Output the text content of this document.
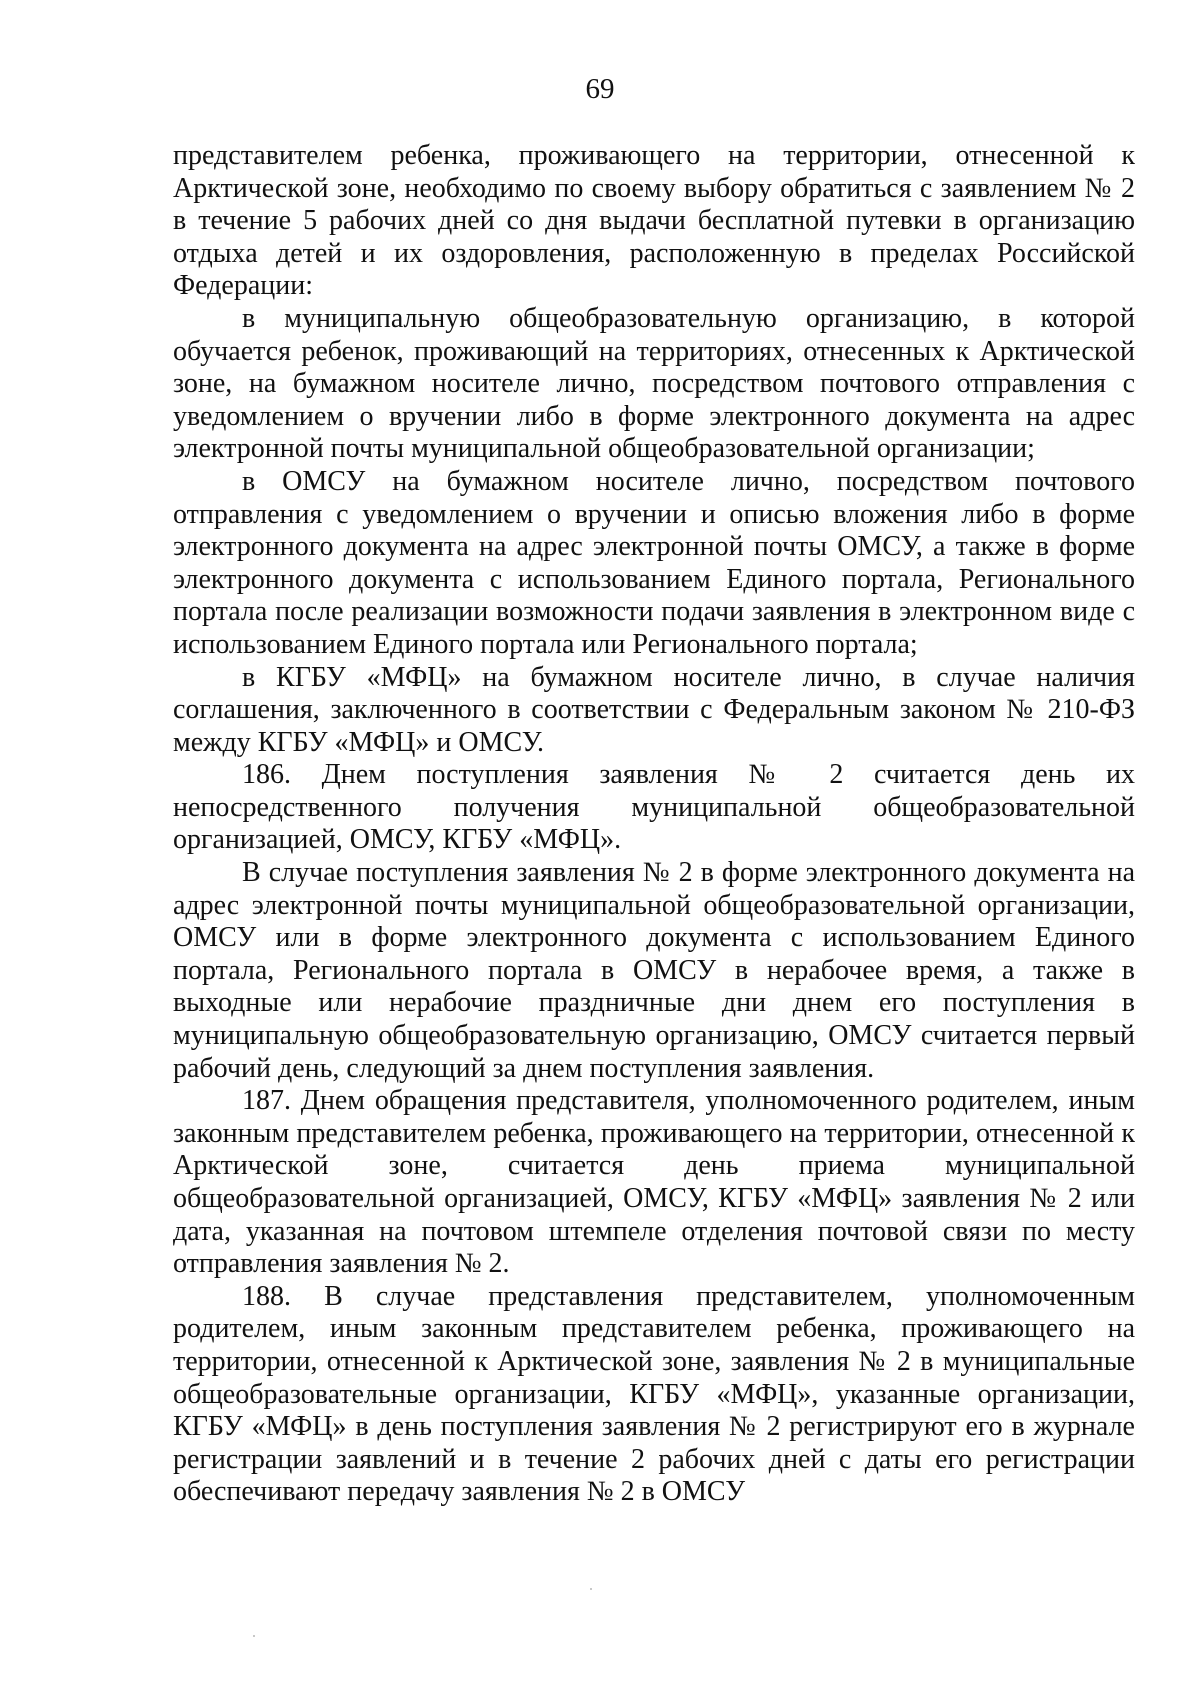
69

представителем ребенка, проживающего на территории, отнесенной к Арктической зоне, необходимо по своему выбору обратиться с заявлением № 2 в течение 5 рабочих дней со дня выдачи бесплатной путевки в организацию отдыха детей и их оздоровления, расположенную в пределах Российской Федерации:

в муниципальную общеобразовательную организацию, в которой обучается ребенок, проживающий на территориях, отнесенных к Арктической зоне, на бумажном носителе лично, посредством почтового отправления с уведомлением о вручении либо в форме электронного документа на адрес электронной почты муниципальной общеобразовательной организации;

в ОМСУ на бумажном носителе лично, посредством почтового отправления с уведомлением о вручении и описью вложения либо в форме электронного документа на адрес электронной почты ОМСУ, а также в форме электронного документа с использованием Единого портала, Регионального портала после реализации возможности подачи заявления в электронном виде с использованием Единого портала или Регионального портала;

в КГБУ «МФЦ» на бумажном носителе лично, в случае наличия соглашения, заключенного в соответствии с Федеральным законом № 210-ФЗ между КГБУ «МФЦ» и ОМСУ.

186. Днем поступления заявления № 2 считается день их непосредственного получения муниципальной общеобразовательной организацией, ОМСУ, КГБУ «МФЦ».

В случае поступления заявления № 2 в форме электронного документа на адрес электронной почты муниципальной общеобразовательной организации, ОМСУ или в форме электронного документа с использованием Единого портала, Регионального портала в ОМСУ в нерабочее время, а также в выходные или нерабочие праздничные дни днем его поступления в муниципальную общеобразовательную организацию, ОМСУ считается первый рабочий день, следующий за днем поступления заявления.

187. Днем обращения представителя, уполномоченного родителем, иным законным представителем ребенка, проживающего на территории, отнесенной к Арктической зоне, считается день приема муниципальной общеобразовательной организацией, ОМСУ, КГБУ «МФЦ» заявления № 2 или дата, указанная на почтовом штемпеле отделения почтовой связи по месту отправления заявления № 2.

188. В случае представления представителем, уполномоченным родителем, иным законным представителем ребенка, проживающего на территории, отнесенной к Арктической зоне, заявления № 2 в муниципальные общеобразовательные организации, КГБУ «МФЦ», указанные организации, КГБУ «МФЦ» в день поступления заявления № 2 регистрируют его в журнале регистрации заявлений и в течение 2 рабочих дней с даты его регистрации обеспечивают передачу заявления № 2 в ОМСУ
